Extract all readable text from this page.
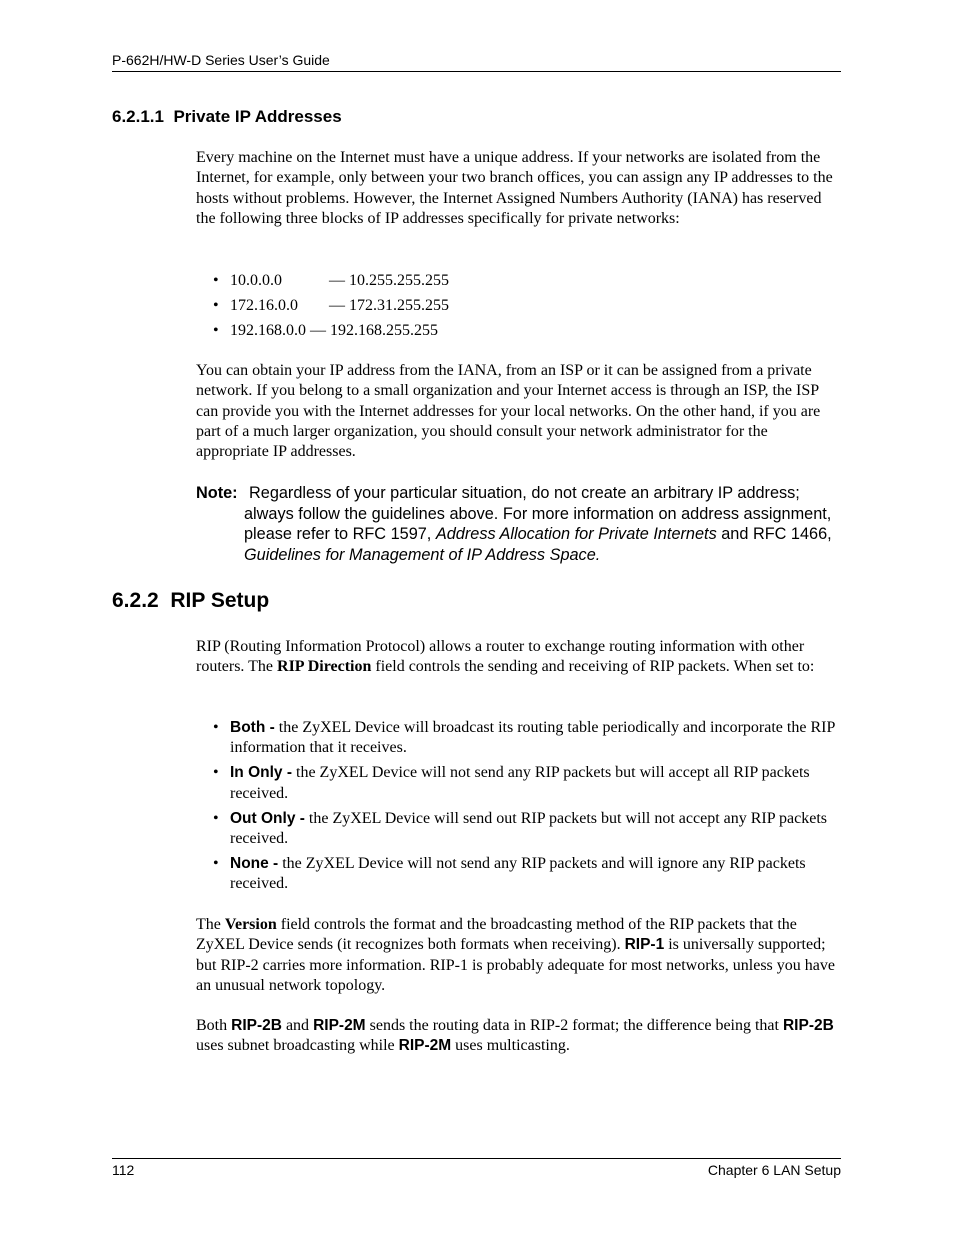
P-662H/HW-D Series User’s Guide
6.2.1.1 Private IP Addresses

Every machine on the Internet must have a unique address. If your networks are isolated from the Internet, for example, only between your two branch offices, you can assign any IP addresses to the hosts without problems. However, the Internet Assigned Numbers Authority (IANA) has reserved the following three blocks of IP addresses specifically for private networks:

• 10.0.0.0	— 10.255.255.255
• 172.16.0.0 — 172.31.255.255
• 192.168.0.0 — 192.168.255.255

You can obtain your IP address from the IANA, from an ISP or it can be assigned from a private network. If you belong to a small organization and your Internet access is through an ISP, the ISP can provide you with the Internet addresses for your local networks. On the other hand, if you are part of a much larger organization, you should consult your network administrator for the appropriate IP addresses.

Note: Regardless of your particular situation, do not create an arbitrary IP address; always follow the guidelines above. For more information on address assignment, please refer to RFC 1597, Address Allocation for Private Internets and RFC 1466, Guidelines for Management of IP Address Space.
6.2.2 RIP Setup

RIP (Routing Information Protocol) allows a router to exchange routing information with other routers. The RIP Direction field controls the sending and receiving of RIP packets. When set to:

• Both - the ZyXEL Device will broadcast its routing table periodically and incorporate the RIP information that it receives.
• In Only - the ZyXEL Device will not send any RIP packets but will accept all RIP packets received.
• Out Only - the ZyXEL Device will send out RIP packets but will not accept any RIP packets received.
• None - the ZyXEL Device will not send any RIP packets and will ignore any RIP packets received.

The Version field controls the format and the broadcasting method of the RIP packets that the ZyXEL Device sends (it recognizes both formats when receiving). RIP-1 is universally supported; but RIP-2 carries more information. RIP-1 is probably adequate for most networks, unless you have an unusual network topology.

Both RIP-2B and RIP-2M sends the routing data in RIP-2 format; the difference being that RIP-2B uses subnet broadcasting while RIP-2M uses multicasting.

112	Chapter 6 LAN Setup
